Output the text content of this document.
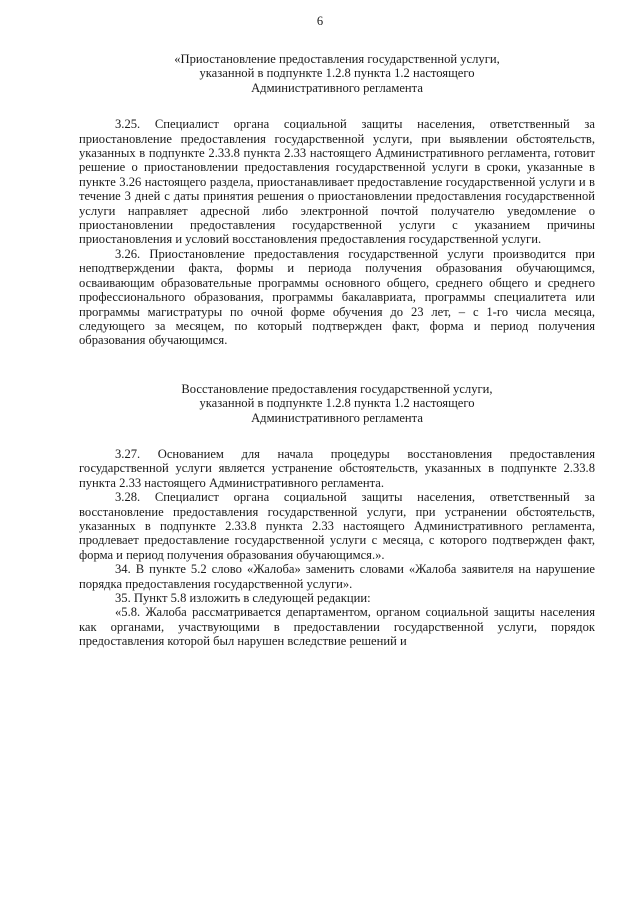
6
«Приостановление предоставления государственной услуги,
указанной в подпункте 1.2.8 пункта 1.2 настоящего
Административного регламента

3.25. Специалист органа социальной защиты населения, ответственный за приостановление предоставления государственной услуги, при выявлении обстоятельств, указанных в подпункте 2.33.8 пункта 2.33 настоящего Административного регламента, готовит решение о приостановлении предоставления государственной услуги в сроки, указанные в пункте 3.26 настоящего раздела, приостанавливает предоставление государственной услуги и в течение 3 дней с даты принятия решения о приостановлении предоставления государственной услуги направляет адресной либо электронной почтой получателю уведомление о приостановлении предоставления государственной услуги с указанием причины приостановления и условий восстановления предоставления государственной услуги.

3.26. Приостановление предоставления государственной услуги производится при неподтверждении факта, формы и периода получения образования обучающимся, осваивающим образовательные программы основного общего, среднего общего и среднего профессионального образования, программы бакалавриата, программы специалитета или программы магистратуры по очной форме обучения до 23 лет, – с 1-го числа месяца, следующего за месяцем, по который подтвержден факт, форма и период получения образования обучающимся.

Восстановление предоставления государственной услуги,
указанной в подпункте 1.2.8 пункта 1.2 настоящего
Административного регламента

3.27. Основанием для начала процедуры восстановления предоставления государственной услуги является устранение обстоятельств, указанных в подпункте 2.33.8 пункта 2.33 настоящего Административного регламента.

3.28. Специалист органа социальной защиты населения, ответственный за восстановление предоставления государственной услуги, при устранении обстоятельств, указанных в подпункте 2.33.8 пункта 2.33 настоящего Административного регламента, продлевает предоставление государственной услуги с месяца, с которого подтвержден факт, форма и период получения образования обучающимся.».

34. В пункте 5.2 слово «Жалоба» заменить словами «Жалоба заявителя на нарушение порядка предоставления государственной услуги».

35. Пункт 5.8 изложить в следующей редакции:

«5.8. Жалоба рассматривается департаментом, органом социальной защиты населения как органами, участвующими в предоставлении государственной услуги, порядок предоставления которой был нарушен вследствие решений и
